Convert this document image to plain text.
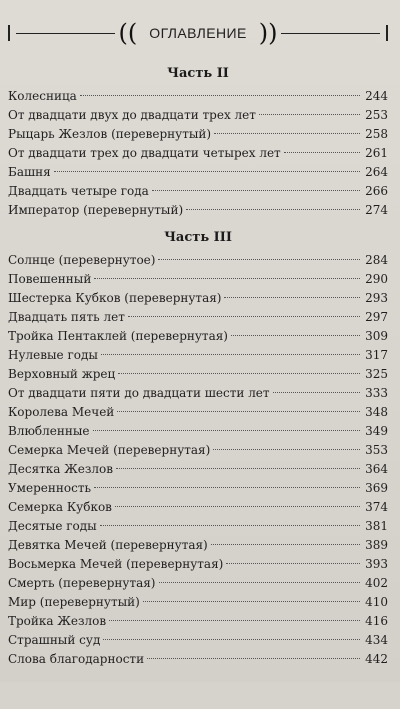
(( ОГЛАВЛЕНИЕ ))
Часть II
Колесница	244
От двадцати двух до двадцати трех лет	253
Рыцарь Жезлов (перевернутый)	258
От двадцати трех до двадцати четырех лет	261
Башня	264
Двадцать четыре года	266
Император (перевернутый)	274
Часть III
Солнце (перевернутое)	284
Повешенный	290
Шестерка Кубков (перевернутая)	293
Двадцать пять лет	297
Тройка Пентаклей (перевернутая)	309
Нулевые годы	317
Верховный жрец	325
От двадцати пяти до двадцати шести лет	333
Королева Мечей	348
Влюбленные	349
Семерка Мечей (перевернутая)	353
Десятка Жезлов	364
Умеренность	369
Семерка Кубков	374
Десятые годы	381
Девятка Мечей (перевернутая)	389
Восьмерка Мечей (перевернутая)	393
Смерть (перевернутая)	402
Мир (перевернутый)	410
Тройка Жезлов	416
Страшный суд	434
Слова благодарности	442
